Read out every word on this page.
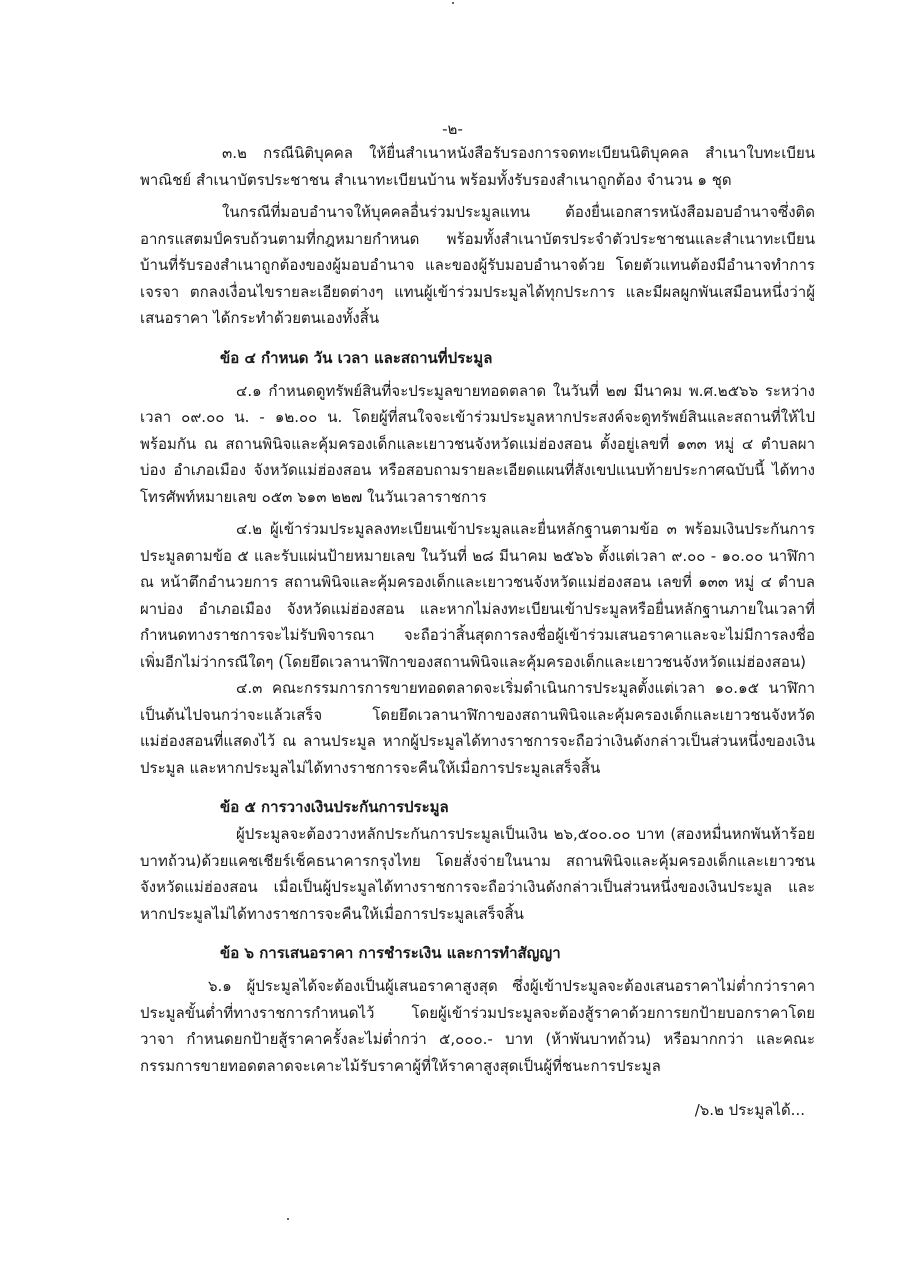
-๒-

๓.๒ กรณีนิติบุคคล ให้ยื่นสำเนาหนังสือรับรองการจดทะเบียนนิติบุคคล สำเนาใบทะเบียนพาณิชย์ สำเนาบัตรประชาชน สำเนาทะเบียนบ้าน พร้อมทั้งรับรองสำเนาถูกต้อง จำนวน ๑ ชุด

ในกรณีที่มอบอำนาจให้บุคคลอื่นร่วมประมูลแทน ต้องยื่นเอกสารหนังสือมอบอำนาจซึ่งติดอากรแสตมป์ครบถ้วนตามที่กฎหมายกำหนด พร้อมทั้งสำเนาบัตรประจำตัวประชาชนและสำเนาทะเบียนบ้านที่รับรองสำเนาถูกต้องของผู้มอบอำนาจ และของผู้รับมอบอำนาจด้วย โดยตัวแทนต้องมีอำนาจทำการเจรจา ตกลงเงื่อนไขรายละเอียดต่างๆ แทนผู้เข้าร่วมประมูลได้ทุกประการ และมีผลผูกพันเสมือนหนึ่งว่าผู้เสนอราคา ได้กระทำด้วยตนเองทั้งสิ้น

ข้อ ๔ กำหนด วัน เวลา และสถานที่ประมูล

๔.๑ กำหนดดูทรัพย์สินที่จะประมูลขายทอดตลาด ในวันที่ ๒๗ มีนาคม พ.ศ.๒๕๖๖ ระหว่างเวลา ๐๙.๐๐ น. - ๑๒.๐๐ น. โดยผู้ที่สนใจจะเข้าร่วมประมูลหากประสงค์จะดูทรัพย์สินและสถานที่ให้ไปพร้อมกัน ณ สถานพินิจและคุ้มครองเด็กและเยาวชนจังหวัดแม่ฮ่องสอน ตั้งอยู่เลขที่ ๑๓๓ หมู่ ๔ ตำบลผาบ่อง อำเภอเมือง จังหวัดแม่ฮ่องสอน หรือสอบถามรายละเอียดแผนที่สังเขปแนบท้ายประกาศฉบับนี้ ได้ทางโทรศัพท์หมายเลข ๐๕๓ ๖๑๓ ๒๒๗ ในวันเวลาราชการ

๔.๒ ผู้เข้าร่วมประมูลลงทะเบียนเข้าประมูลและยื่นหลักฐานตามข้อ ๓ พร้อมเงินประกันการประมูลตามข้อ ๕ และรับแผ่นป้ายหมายเลข ในวันที่ ๒๘ มีนาคม ๒๕๖๖ ตั้งแต่เวลา ๙.๐๐ - ๑๐.๐๐ นาฬิกา ณ หน้าตึกอำนวยการ สถานพินิจและคุ้มครองเด็กและเยาวชนจังหวัดแม่ฮ่องสอน เลขที่ ๑๓๓ หมู่ ๔ ตำบลผาบ่อง อำเภอเมือง จังหวัดแม่ฮ่องสอน และหากไม่ลงทะเบียนเข้าประมูลหรือยื่นหลักฐานภายในเวลาที่กำหนดทางราชการจะไม่รับพิจารณา จะถือว่าสิ้นสุดการลงชื่อผู้เข้าร่วมเสนอราคาและจะไม่มีการลงชื่อเพิ่มอีกไม่ว่ากรณีใดๆ (โดยยึดเวลานาฬิกาของสถานพินิจและคุ้มครองเด็กและเยาวชนจังหวัดแม่ฮ่องสอน)

๔.๓ คณะกรรมการการขายทอดตลาดจะเริ่มดำเนินการประมูลตั้งแต่เวลา ๑๐.๑๕ นาฬิกา เป็นต้นไปจนกว่าจะแล้วเสร็จ โดยยึดเวลานาฬิกาของสถานพินิจและคุ้มครองเด็กและเยาวชนจังหวัดแม่ฮ่องสอนที่แสดงไว้ ณ ลานประมูล หากผู้ประมูลได้ทางราชการจะถือว่าเงินดังกล่าวเป็นส่วนหนึ่งของเงินประมูล และหากประมูลไม่ได้ทางราชการจะคืนให้เมื่อการประมูลเสร็จสิ้น

ข้อ ๕ การวางเงินประกันการประมูล

ผู้ประมูลจะต้องวางหลักประกันการประมูลเป็นเงิน ๒๖,๕๐๐.๐๐ บาท (สองหมื่นหกพันห้าร้อยบาทถ้วน)ด้วยแคชเชียร์เช็คธนาคารกรุงไทย โดยสั่งจ่ายในนาม สถานพินิจและคุ้มครองเด็กและเยาวชนจังหวัดแม่ฮ่องสอน เมื่อเป็นผู้ประมูลได้ทางราชการจะถือว่าเงินดังกล่าวเป็นส่วนหนึ่งของเงินประมูล และหากประมูลไม่ได้ทางราชการจะคืนให้เมื่อการประมูลเสร็จสิ้น

ข้อ ๖ การเสนอราคา การชำระเงิน และการทำสัญญา

๖.๑ ผู้ประมูลได้จะต้องเป็นผู้เสนอราคาสูงสุด ซึ่งผู้เข้าประมูลจะต้องเสนอราคาไม่ต่ำกว่าราคาประมูลขั้นต่ำที่ทางราชการกำหนดไว้ โดยผู้เข้าร่วมประมูลจะต้องสู้ราคาด้วยการยกป้ายบอกราคาโดยวาจา กำหนดยกป้ายสู้ราคาครั้งละไม่ต่ำกว่า ๕,๐๐๐.- บาท (ห้าพันบาทถ้วน) หรือมากกว่า และคณะกรรมการขายทอดตลาดจะเคาะไม้รับราคาผู้ที่ให้ราคาสูงสุดเป็นผู้ที่ชนะการประมูล

/๖.๒ ประมูลได้...
